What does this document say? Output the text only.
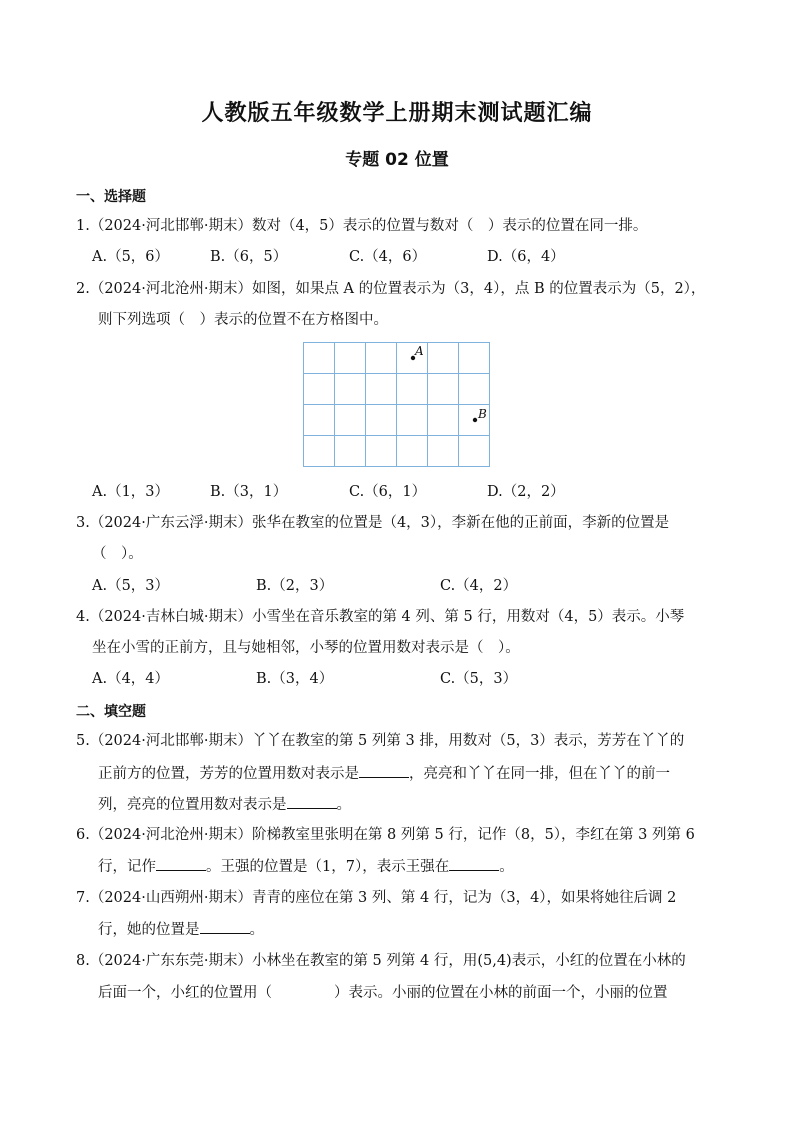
人教版五年级数学上册期末测试题汇编
专题 02 位置
一、选择题
1.（2024·河北邯郸·期末）数对（4，5）表示的位置与数对（　）表示的位置在同一排。
A.（5，6）	B.（6，5）	C.（4，6）	D.（6，4）
2.（2024·河北沧州·期末）如图，如果点 A 的位置表示为（3，4），点 B 的位置表示为（5，2），
则下列选项（　）表示的位置不在方格图中。
A
B
A.（1，3）	B.（3，1）	C.（6，1）	D.（2，2）
3.（2024·广东云浮·期末）张华在教室的位置是（4，3），李新在他的正前面，李新的位置是
（　）。
A.（5，3）	B.（2，3）	C.（4，2）
4.（2024·吉林白城·期末）小雪坐在音乐教室的第 4 列、第 5 行，用数对（4，5）表示。小琴
坐在小雪的正前方，且与她相邻，小琴的位置用数对表示是（　）。
A.（4，4）	B.（3，4）	C.（5，3）
二、填空题
5.（2024·河北邯郸·期末）丫丫在教室的第 5 列第 3 排，用数对（5，3）表示，芳芳在丫丫的
正前方的位置，芳芳的位置用数对表示是	，亮亮和丫丫在同一排，但在丫丫的前一
列，亮亮的位置用数对表示是	。
6.（2024·河北沧州·期末）阶梯教室里张明在第 8 列第 5 行，记作（8，5），李红在第 3 列第 6
行，记作	。王强的位置是（1，7），表示王强在	。
7.（2024·山西朔州·期末）青青的座位在第 3 列、第 4 行，记为（3，4），如果将她往后调 2
行，她的位置是	。
8.（2024·广东东莞·期末）小林坐在教室的第 5 列第 4 行，用(5,4)表示，小红的位置在小林的
后面一个，小红的位置用（	）表示。小丽的位置在小林的前面一个，小丽的位置
